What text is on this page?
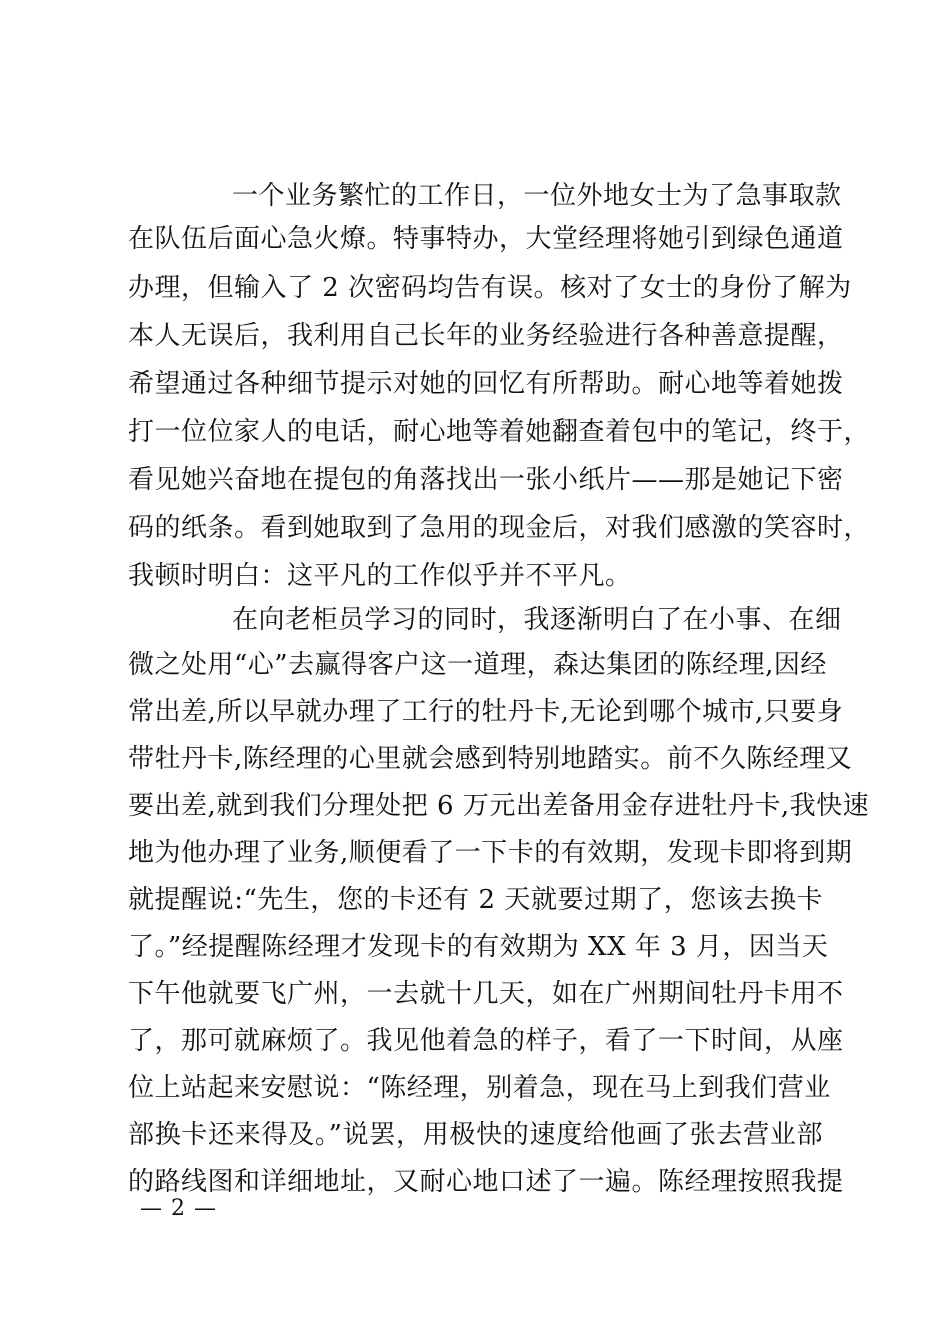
一个业务繁忙的工作日，一位外地女士为了急事取款
在队伍后面心急火燎。特事特办，大堂经理将她引到绿色通道
办理，但输入了 2 次密码均告有误。核对了女士的身份了解为
本人无误后，我利用自己长年的业务经验进行各种善意提醒，
希望通过各种细节提示对她的回忆有所帮助。耐心地等着她拨
打一位位家人的电话，耐心地等着她翻查着包中的笔记，终于，
看见她兴奋地在提包的角落找出一张小纸片——那是她记下密
码的纸条。看到她取到了急用的现金后，对我们感激的笑容时，
我顿时明白：这平凡的工作似乎并不平凡。
在向老柜员学习的同时，我逐渐明白了在小事、在细
微之处用“心”去赢得客户这一道理，森达集团的陈经理,因经
常出差,所以早就办理了工行的牡丹卡,无论到哪个城市,只要身
带牡丹卡,陈经理的心里就会感到特别地踏实。前不久陈经理又
要出差,就到我们分理处把 6 万元出差备用金存进牡丹卡,我快速
地为他办理了业务,顺便看了一下卡的有效期，发现卡即将到期
就提醒说:“先生，您的卡还有 2 天就要过期了，您该去换卡
了。”经提醒陈经理才发现卡的有效期为 XX 年 3 月，因当天
下午他就要飞广州，一去就十几天，如在广州期间牡丹卡用不
了，那可就麻烦了。我见他着急的样子，看了一下时间，从座
位上站起来安慰说：“陈经理，别着急，现在马上到我们营业
部换卡还来得及。”说罢，用极快的速度给他画了张去营业部
的路线图和详细地址，又耐心地口述了一遍。陈经理按照我提
— 2 —
